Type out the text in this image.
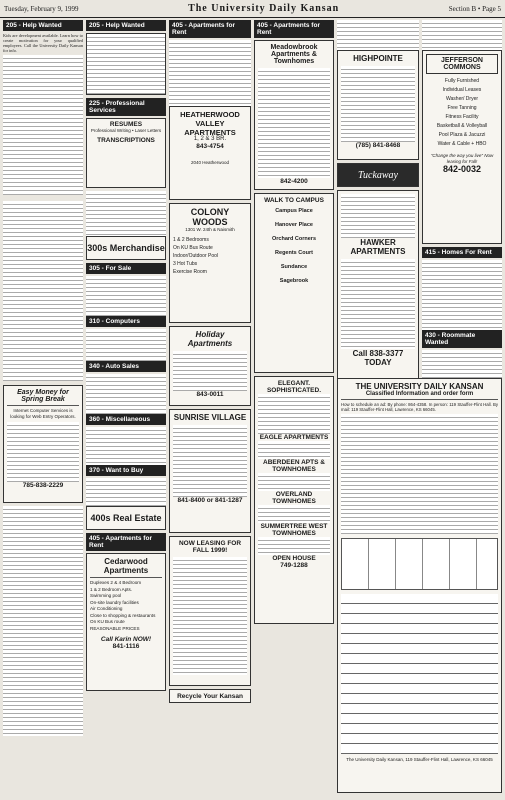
Tuesday, February 9, 1999	The University Daily Kansan	Section B • Page 5
205 - Help Wanted
Kids are development available. Learn how to create motivation for your qualified employees. Call the University Daily Kansan for info.
Easy Money for Spring Break
Internet Computer Services is looking for Web Entry Operators.
785-838-2229
205 - Help Wanted
225 - Professional Services
RESUMES
Professional Writing • Laser Letters
TRANSCRIPTIONS
300s Merchandise
305 - For Sale
310 - Computers
340 - Auto Sales
360 - Miscellaneous
370 - Want to Buy
400s Real Estate
405 - Apartments for Rent
Cedarwood Apartments
Duplexes 2 & 4 Bedroom
1 & 2 Bedroom Apts.
Swimming pool
On-site laundry facilities
Air Conditioning
Close to shopping & restaurants
On KU Bus route
REASONABLE PRICES
Call Karin NOW!
841-1116
405 - Apartments for Rent
HEATHERWOOD VALLEY APARTMENTS
1, 2 & 3 BR.
843-4754
2040 Heatherwood
COLONY WOODS
1301 W. 24th & Naismith
1 & 2 Bedrooms
On KU Bus Route
Indoor/Outdoor Pool
3 Hot Tubs
Exercise Room
Holiday Apartments
843-0011
SUNRISE VILLAGE
841-8400 or 841-1287
NOW LEASING FOR FALL 1999!
Recycle Your Kansan
405 - Apartments for Rent
Meadowbrook Apartments & Townhomes
842-4200
WALK TO CAMPUS
Campus Place
Hanover Place
Orchard Corners
Regents Court
Sundance
Sagebrook
ELEGANT. SOPHISTICATED.
EAGLE APARTMENTS
ABERDEEN APTS & TOWNHOMES
OVERLAND TOWNHOMES
SUMMERTREE WEST TOWNHOMES
OPEN HOUSE
749-1288
HIGHPOINTE
(785) 841-8468
Tuckaway
HAWKER APARTMENTS
Call 838-3377 TODAY
JEFFERSON COMMONS
Fully Furnished
Individual Leases
Washer/ Dryer
Free Tanning
Fitness Facility
Basketball & Volleyball
Pool Plaza & Jacuzzi
Water & Cable + HBO
"Change the way you live" Now leasing for Fall!
842-0032
415 - Homes For Rent
430 - Roommate Wanted
THE UNIVERSITY DAILY KANSAN
Classified Information and order form
How to schedule an ad: By phone: 864-4358. In person: 119 Stauffer-Flint Hall. By mail: 119 Stauffer-Flint Hall, Lawrence, KS 66045.
The University Daily Kansan, 119 Stauffer-Flint Hall, Lawrence, KS 66045
